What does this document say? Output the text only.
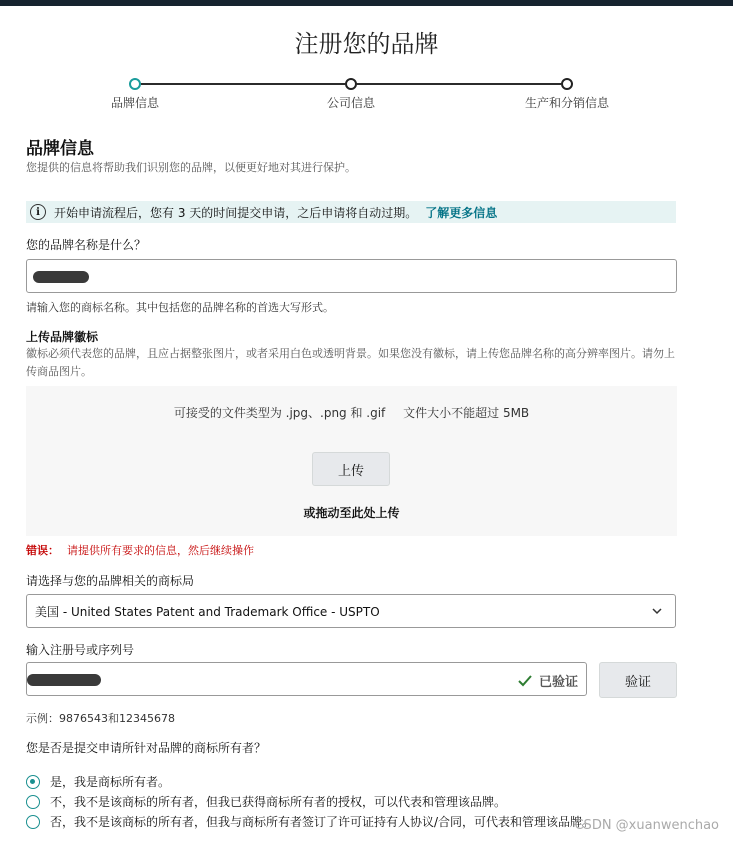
注册您的品牌
品牌信息	公司信息	生产和分销信息
品牌信息
您提供的信息将帮助我们识别您的品牌，以便更好地对其进行保护。
i	开始申请流程后，您有 3 天的时间提交申请，之后申请将自动过期。 了解更多信息
您的品牌名称是什么？
请输入您的商标名称。其中包括您的品牌名称的首选大写形式。
上传品牌徽标
徽标必须代表您的品牌，且应占据整张图片，或者采用白色或透明背景。如果您没有徽标，请上传您品牌名称的高分辨率图片。请勿上传商品图片。
可接受的文件类型为 .jpg、.png 和 .gif 文件大小不能超过 5MB
上传
或拖动至此处上传
错误： 请提供所有要求的信息，然后继续操作
请选择与您的品牌相关的商标局
美国 - United States Patent and Trademark Office - USPTO
输入注册号或序列号
已验证	验证
示例：9876543和12345678
您是否是提交申请所针对品牌的商标所有者？
是，我是商标所有者。
不，我不是该商标的所有者，但我已获得商标所有者的授权，可以代表和管理该品牌。
否，我不是该商标的所有者，但我与商标所有者签订了许可证持有人协议/合同，可代表和管理该品牌。
CSDN @xuanwenchao
